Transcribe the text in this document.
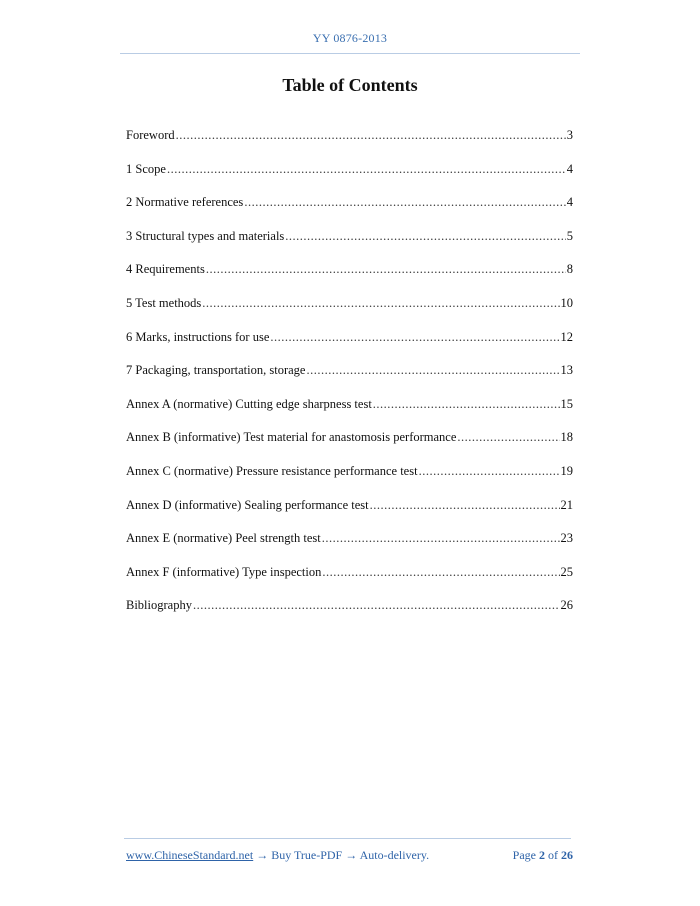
YY 0876-2013
Table of Contents
Foreword .....	3
1 Scope .....	4
2 Normative references .....	4
3 Structural types and materials .....	5
4 Requirements .....	8
5 Test methods .....	10
6 Marks, instructions for use .....	12
7 Packaging, transportation, storage .....	13
Annex A (normative) Cutting edge sharpness test .....	15
Annex B (informative) Test material for anastomosis performance .....	18
Annex C (normative) Pressure resistance performance test .....	19
Annex D (informative) Sealing performance test .....	21
Annex E (normative) Peel strength test .....	23
Annex F (informative) Type inspection .....	25
Bibliography .....	26
www.ChineseStandard.net → Buy True-PDF → Auto-delivery.	Page 2 of 26
